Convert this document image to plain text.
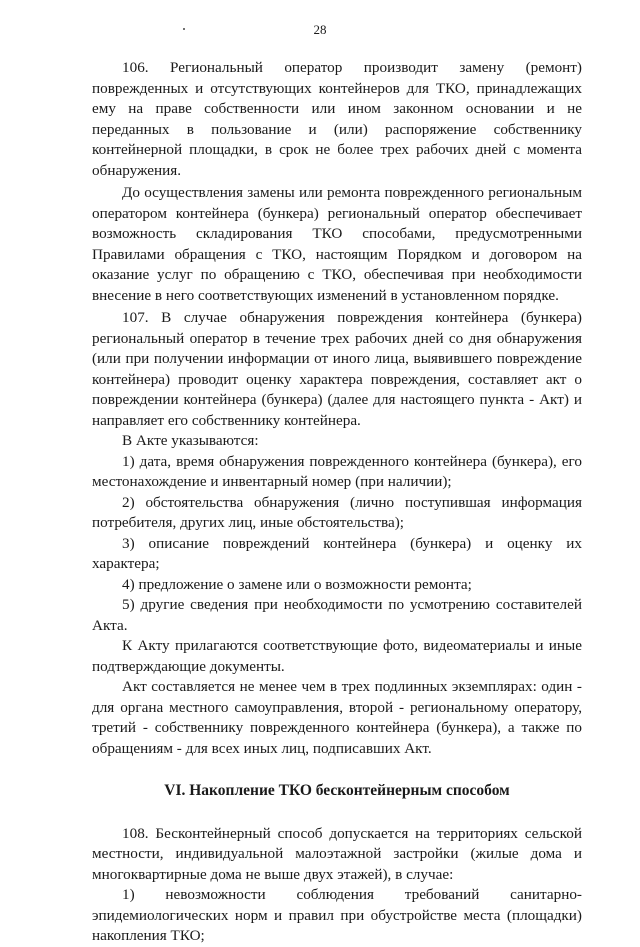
28

106. Региональный оператор производит замену (ремонт) поврежденных и отсутствующих контейнеров для ТКО, принадлежащих ему на праве собственности или ином законном основании и не переданных в пользование и (или) распоряжение собственнику контейнерной площадки, в срок не более трех рабочих дней с момента обнаружения.

До осуществления замены или ремонта поврежденного региональным оператором контейнера (бункера) региональный оператор обеспечивает возможность складирования ТКО способами, предусмотренными Правилами обращения с ТКО, настоящим Порядком и договором на оказание услуг по обращению с ТКО, обеспечивая при необходимости внесение в него соответствующих изменений в установленном порядке.

107. В случае обнаружения повреждения контейнера (бункера) региональный оператор в течение трех рабочих дней со дня обнаружения (или при получении информации от иного лица, выявившего повреждение контейнера) проводит оценку характера повреждения, составляет акт о повреждении контейнера (бункера) (далее для настоящего пункта - Акт) и направляет его собственнику контейнера.

В Акте указываются:

1) дата, время обнаружения поврежденного контейнера (бункера), его местонахождение и инвентарный номер (при наличии);

2) обстоятельства обнаружения (лично поступившая информация потребителя, других лиц, иные обстоятельства);

3) описание повреждений контейнера (бункера) и оценку их характера;

4) предложение о замене или о возможности ремонта;

5) другие сведения при необходимости по усмотрению составителей Акта.

К Акту прилагаются соответствующие фото, видеоматериалы и иные подтверждающие документы.

Акт составляется не менее чем в трех подлинных экземплярах: один - для органа местного самоуправления, второй - региональному оператору, третий - собственнику поврежденного контейнера (бункера), а также по обращениям - для всех иных лиц, подписавших Акт.

VI. Накопление ТКО бесконтейнерным способом

108. Бесконтейнерный способ допускается на территориях сельской местности, индивидуальной малоэтажной застройки (жилые дома и многоквартирные дома не выше двух этажей), в случае:

1) невозможности соблюдения требований санитарно-эпидемиологических норм и правил при обустройстве места (площадки) накопления ТКО;
